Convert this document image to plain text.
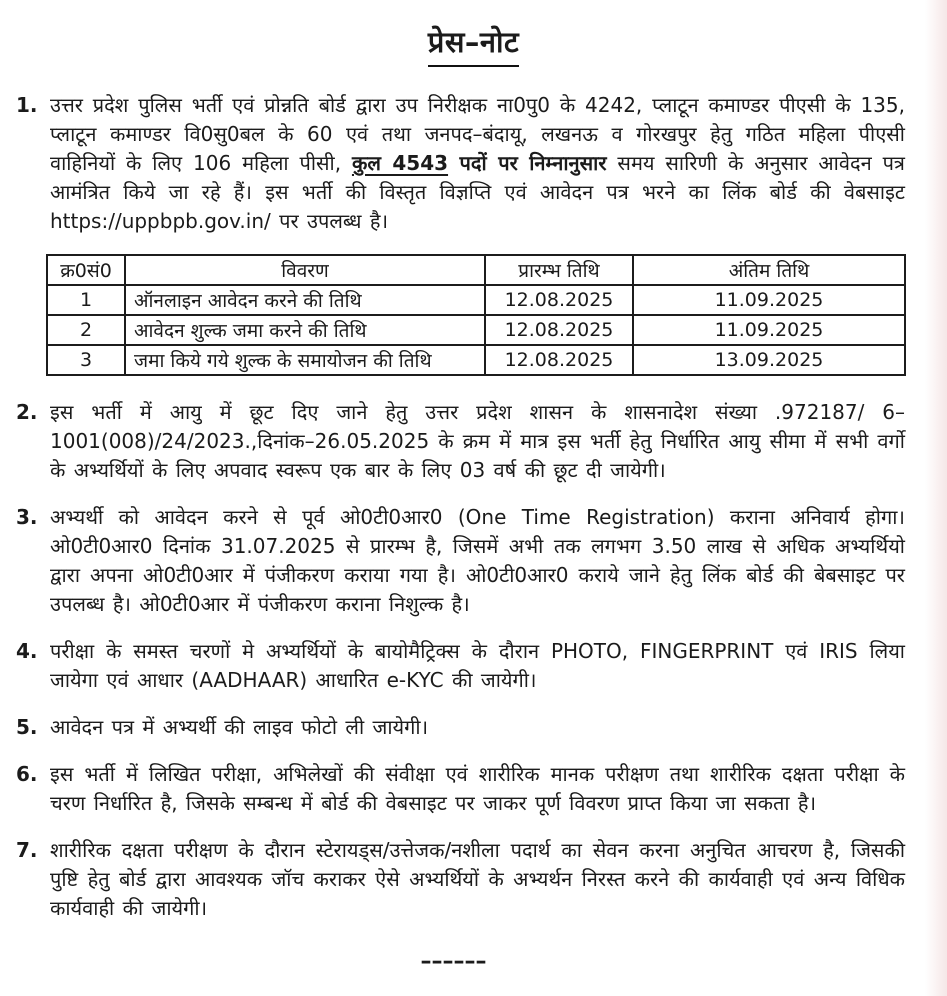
प्रेस–नोट
1. उत्तर प्रदेश पुलिस भर्ती एवं प्रोन्नति बोर्ड द्वारा उप निरीक्षक ना0पु0 के 4242, प्लाटून कमाण्डर पीएसी के 135, प्लाटून कमाण्डर वि0सु0बल के 60 एवं तथा जनपद–बंदायू, लखनऊ व गोरखपुर हेतु गठित महिला पीएसी वाहिनियों के लिए 106 महिला पीसी, कुल 4543 पदों पर निम्नानुसार समय सारिणी के अनुसार आवेदन पत्र आमंत्रित किये जा रहे हैं। इस भर्ती की विस्तृत विज्ञप्ति एवं आवेदन पत्र भरने का लिंक बोर्ड की वेबसाइट https://uppbpb.gov.in/ पर उपलब्ध है।
क्र0सं0	विवरण	प्रारम्भ तिथि	अंतिम तिथि
1	ऑनलाइन आवेदन करने की तिथि	12.08.2025	11.09.2025
2	आवेदन शुल्क जमा करने की तिथि	12.08.2025	11.09.2025
3	जमा किये गये शुल्क के समायोजन की तिथि	12.08.2025	13.09.2025
2. इस भर्ती में आयु में छूट दिए जाने हेतु उत्तर प्रदेश शासन के शासनादेश संख्या .972187/ 6–1001(008)/24/2023.,दिनांक–26.05.2025 के क्रम में मात्र इस भर्ती हेतु निर्धारित आयु सीमा में सभी वर्गो के अभ्यर्थियों के लिए अपवाद स्वरूप एक बार के लिए 03 वर्ष की छूट दी जायेगी।
3. अभ्यर्थी को आवेदन करने से पूर्व ओ0टी0आर0 (One Time Registration) कराना अनिवार्य होगा। ओ0टी0आर0 दिनांक 31.07.2025 से प्रारम्भ है, जिसमें अभी तक लगभग 3.50 लाख से अधिक अभ्यर्थियो द्वारा अपना ओ0टी0आर में पंजीकरण कराया गया है। ओ0टी0आर0 कराये जाने हेतु लिंक बोर्ड की बेबसाइट पर उपलब्ध है। ओ0टी0आर में पंजीकरण कराना निशुल्क है।
4. परीक्षा के समस्त चरणों मे अभ्यर्थियों के बायोमैट्रिक्स के दौरान PHOTO, FINGERPRINT एवं IRIS लिया जायेगा एवं आधार (AADHAAR) आधारित e-KYC की जायेगी।
5. आवेदन पत्र में अभ्यर्थी की लाइव फोटो ली जायेगी।
6. इस भर्ती में लिखित परीक्षा, अभिलेखों की संवीक्षा एवं शारीरिक मानक परीक्षण तथा शारीरिक दक्षता परीक्षा के चरण निर्धारित है, जिसके सम्बन्ध में बोर्ड की वेबसाइट पर जाकर पूर्ण विवरण प्राप्त किया जा सकता है।
7. शारीरिक दक्षता परीक्षण के दौरान स्टेरायड्स/उत्तेजक/नशीला पदार्थ का सेवन करना अनुचित आचरण है, जिसकी पुष्टि हेतु बोर्ड द्वारा आवश्यक जॉच कराकर ऐसे अभ्यर्थियों के अभ्यर्थन निरस्त करने की कार्यवाही एवं अन्य विधिक कार्यवाही की जायेगी।
––––––
